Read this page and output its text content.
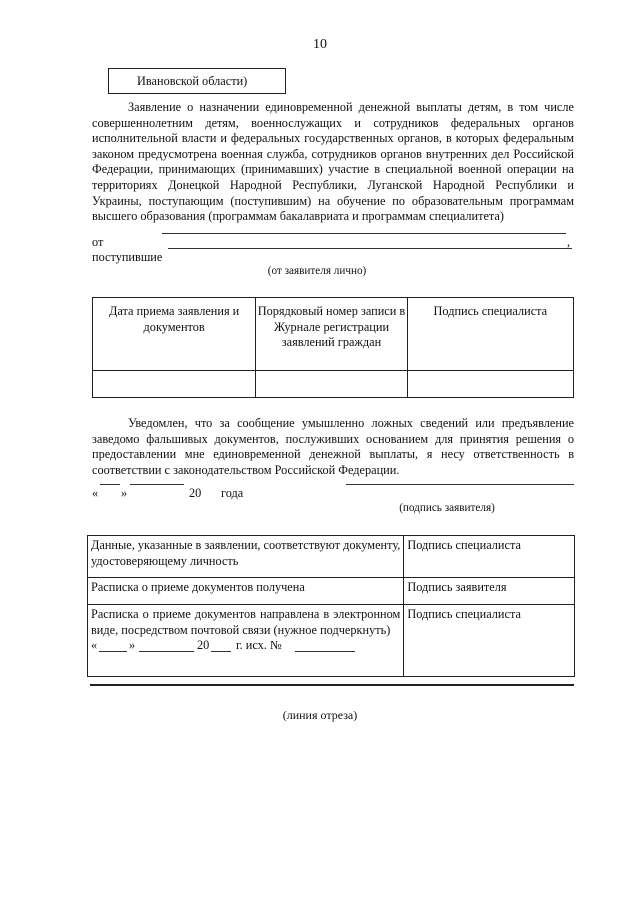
10
Ивановской области)
Заявление о назначении единовременной денежной выплаты детям, в том числе совершеннолетним детям, военнослужащих и сотрудников федеральных органов исполнительной власти и федеральных государственных органов, в которых федеральным законом предусмотрена военная служба, сотрудников органов внутренних дел Российской Федерации, принимающих (принимавших) участие в специальной военной операции на территориях Донецкой Народной Республики, Луганской Народной Республики и Украины, поступающим (поступившим) на обучение по образовательным программам высшего образования (программам бакалавриата и программам специалитета)
от	,
поступившие
(от заявителя лично)
Дата приема заявления и документов	Порядковый номер записи в Журнале регистрации заявлений граждан	Подпись специалиста

Уведомлен, что за сообщение умышленно ложных сведений или предъявление заведомо фальшивых документов, послуживших основанием для принятия решения о предоставлении мне единовременной денежной выплаты, я несу ответственность в соответствии с законодательством Российской Федерации.
« »	20 года
(подпись заявителя)
Данные, указанные в заявлении, соответствуют документу, удостоверяющему личность	Подпись специалиста
Расписка о приеме документов получена	Подпись заявителя

Расписка о приеме документов направлена в электронном виде, посредством почтовой связи (нужное подчеркнуть)
« » 20 г. исх. №	Подпись специалиста
(линия отреза)
